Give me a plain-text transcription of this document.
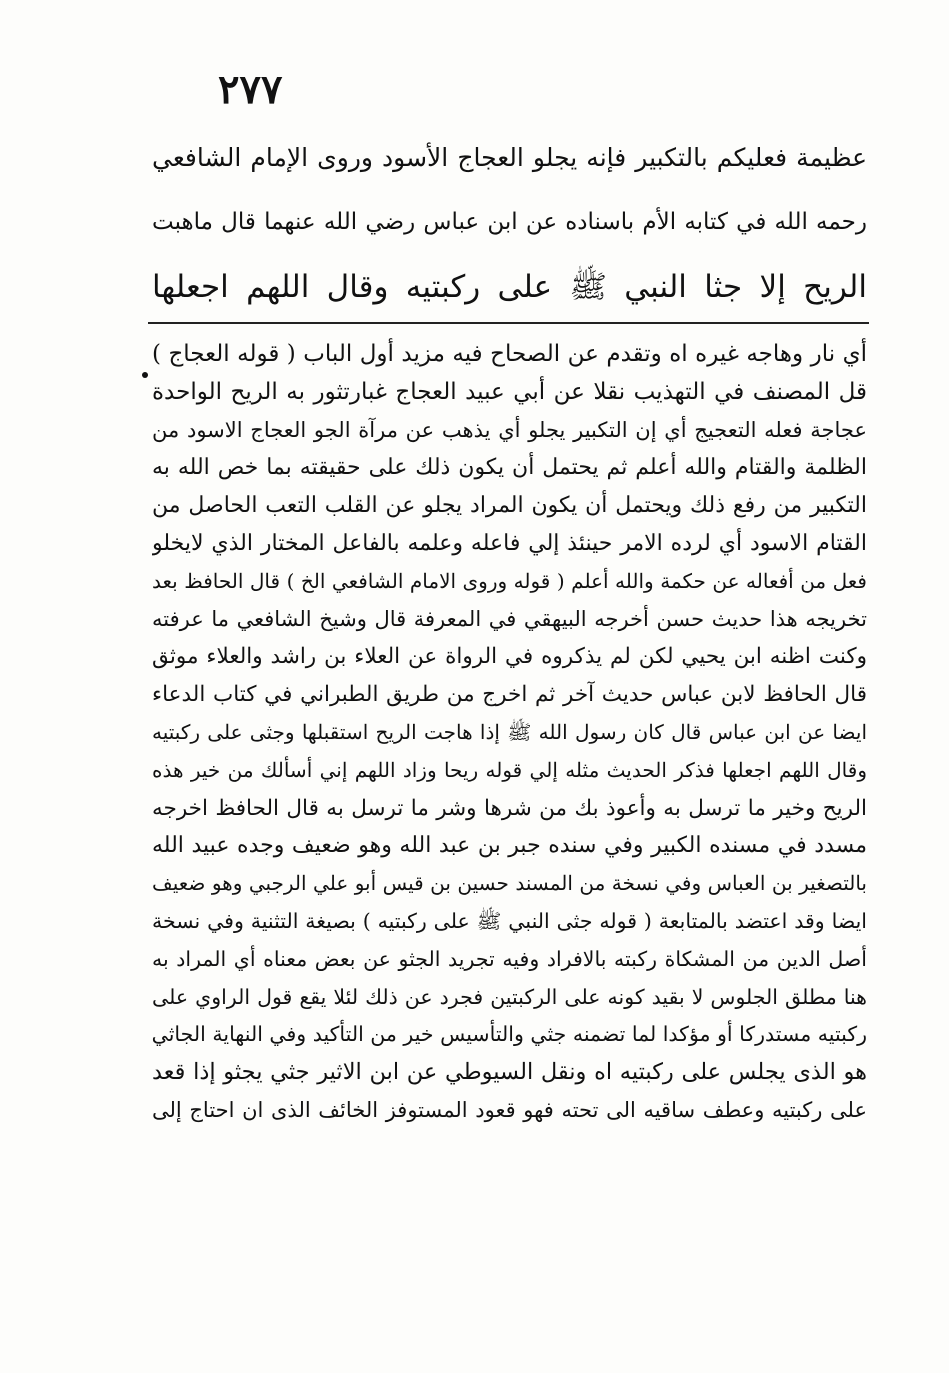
٢٧٧
عظيمة فعليكم بالتكبير فإنه يجلو العجاج الأسود وروى الإمام الشافعي
رحمه الله في كتابه الأم باسناده عن ابن عباس رضي الله عنهما قال ماهبت
الريح إلا جثا النبي ﷺ على ركبتيه وقال اللهم اجعلها
أي نار وهاجه غيره اه وتقدم عن الصحاح فيه مزيد أول الباب ( قوله العجاج )
قل المصنف في التهذيب نقلا عن أبي عبيد العجاج غبارتثور به الريح الواحدة
عجاجة فعله التعجيج أي إن التكبير يجلو أي يذهب عن مرآة الجو العجاج الاسود من
الظلمة والقتام والله أعلم ثم يحتمل أن يكون ذلك على حقيقته بما خص الله به
التكبير من رفع ذلك ويحتمل أن يكون المراد يجلو عن القلب التعب الحاصل من
القتام الاسود أي لرده الامر حينئذ إلي فاعله وعلمه بالفاعل المختار الذي لايخلو
فعل من أفعاله عن حكمة والله أعلم ( قوله وروى الامام الشافعي الخ ) قال الحافظ بعد
تخريجه هذا حديث حسن أخرجه البيهقي في المعرفة قال وشيخ الشافعي ما عرفته
وكنت اظنه ابن يحيي لكن لم يذكروه في الرواة عن العلاء بن راشد والعلاء موثق
قال الحافظ لابن عباس حديث آخر ثم اخرج من طريق الطبراني في كتاب الدعاء
ايضا عن ابن عباس قال كان رسول الله ﷺ إذا هاجت الريح استقبلها وجثى على ركبتيه
وقال اللهم اجعلها فذكر الحديث مثله إلي قوله ريحا وزاد اللهم إني أسألك من خير هذه
الريح وخير ما ترسل به وأعوذ بك من شرها وشر ما ترسل به قال الحافظ اخرجه
مسدد في مسنده الكبير وفي سنده جبر بن عبد الله وهو ضعيف وجده عبيد الله
بالتصغير بن العباس وفي نسخة من المسند حسين بن قيس أبو علي الرجبي وهو ضعيف
ايضا وقد اعتضد بالمتابعة ( قوله جثى النبي ﷺ على ركبتيه ) بصيغة التثنية وفي نسخة
أصل الدين من المشكاة ركبته بالافراد وفيه تجريد الجثو عن بعض معناه أي المراد به
هنا مطلق الجلوس لا بقيد كونه على الركبتين فجرد عن ذلك لئلا يقع قول الراوي على
ركبتيه مستدركا أو مؤكدا لما تضمنه جثي والتأسيس خير من التأكيد وفي النهاية الجاثي
هو الذى يجلس على ركبتيه اه ونقل السيوطي عن ابن الاثير جثي يجثو إذا قعد
على ركبتيه وعطف ساقيه الى تحته فهو قعود المستوفز الخائف الذى ان احتاج إلى
